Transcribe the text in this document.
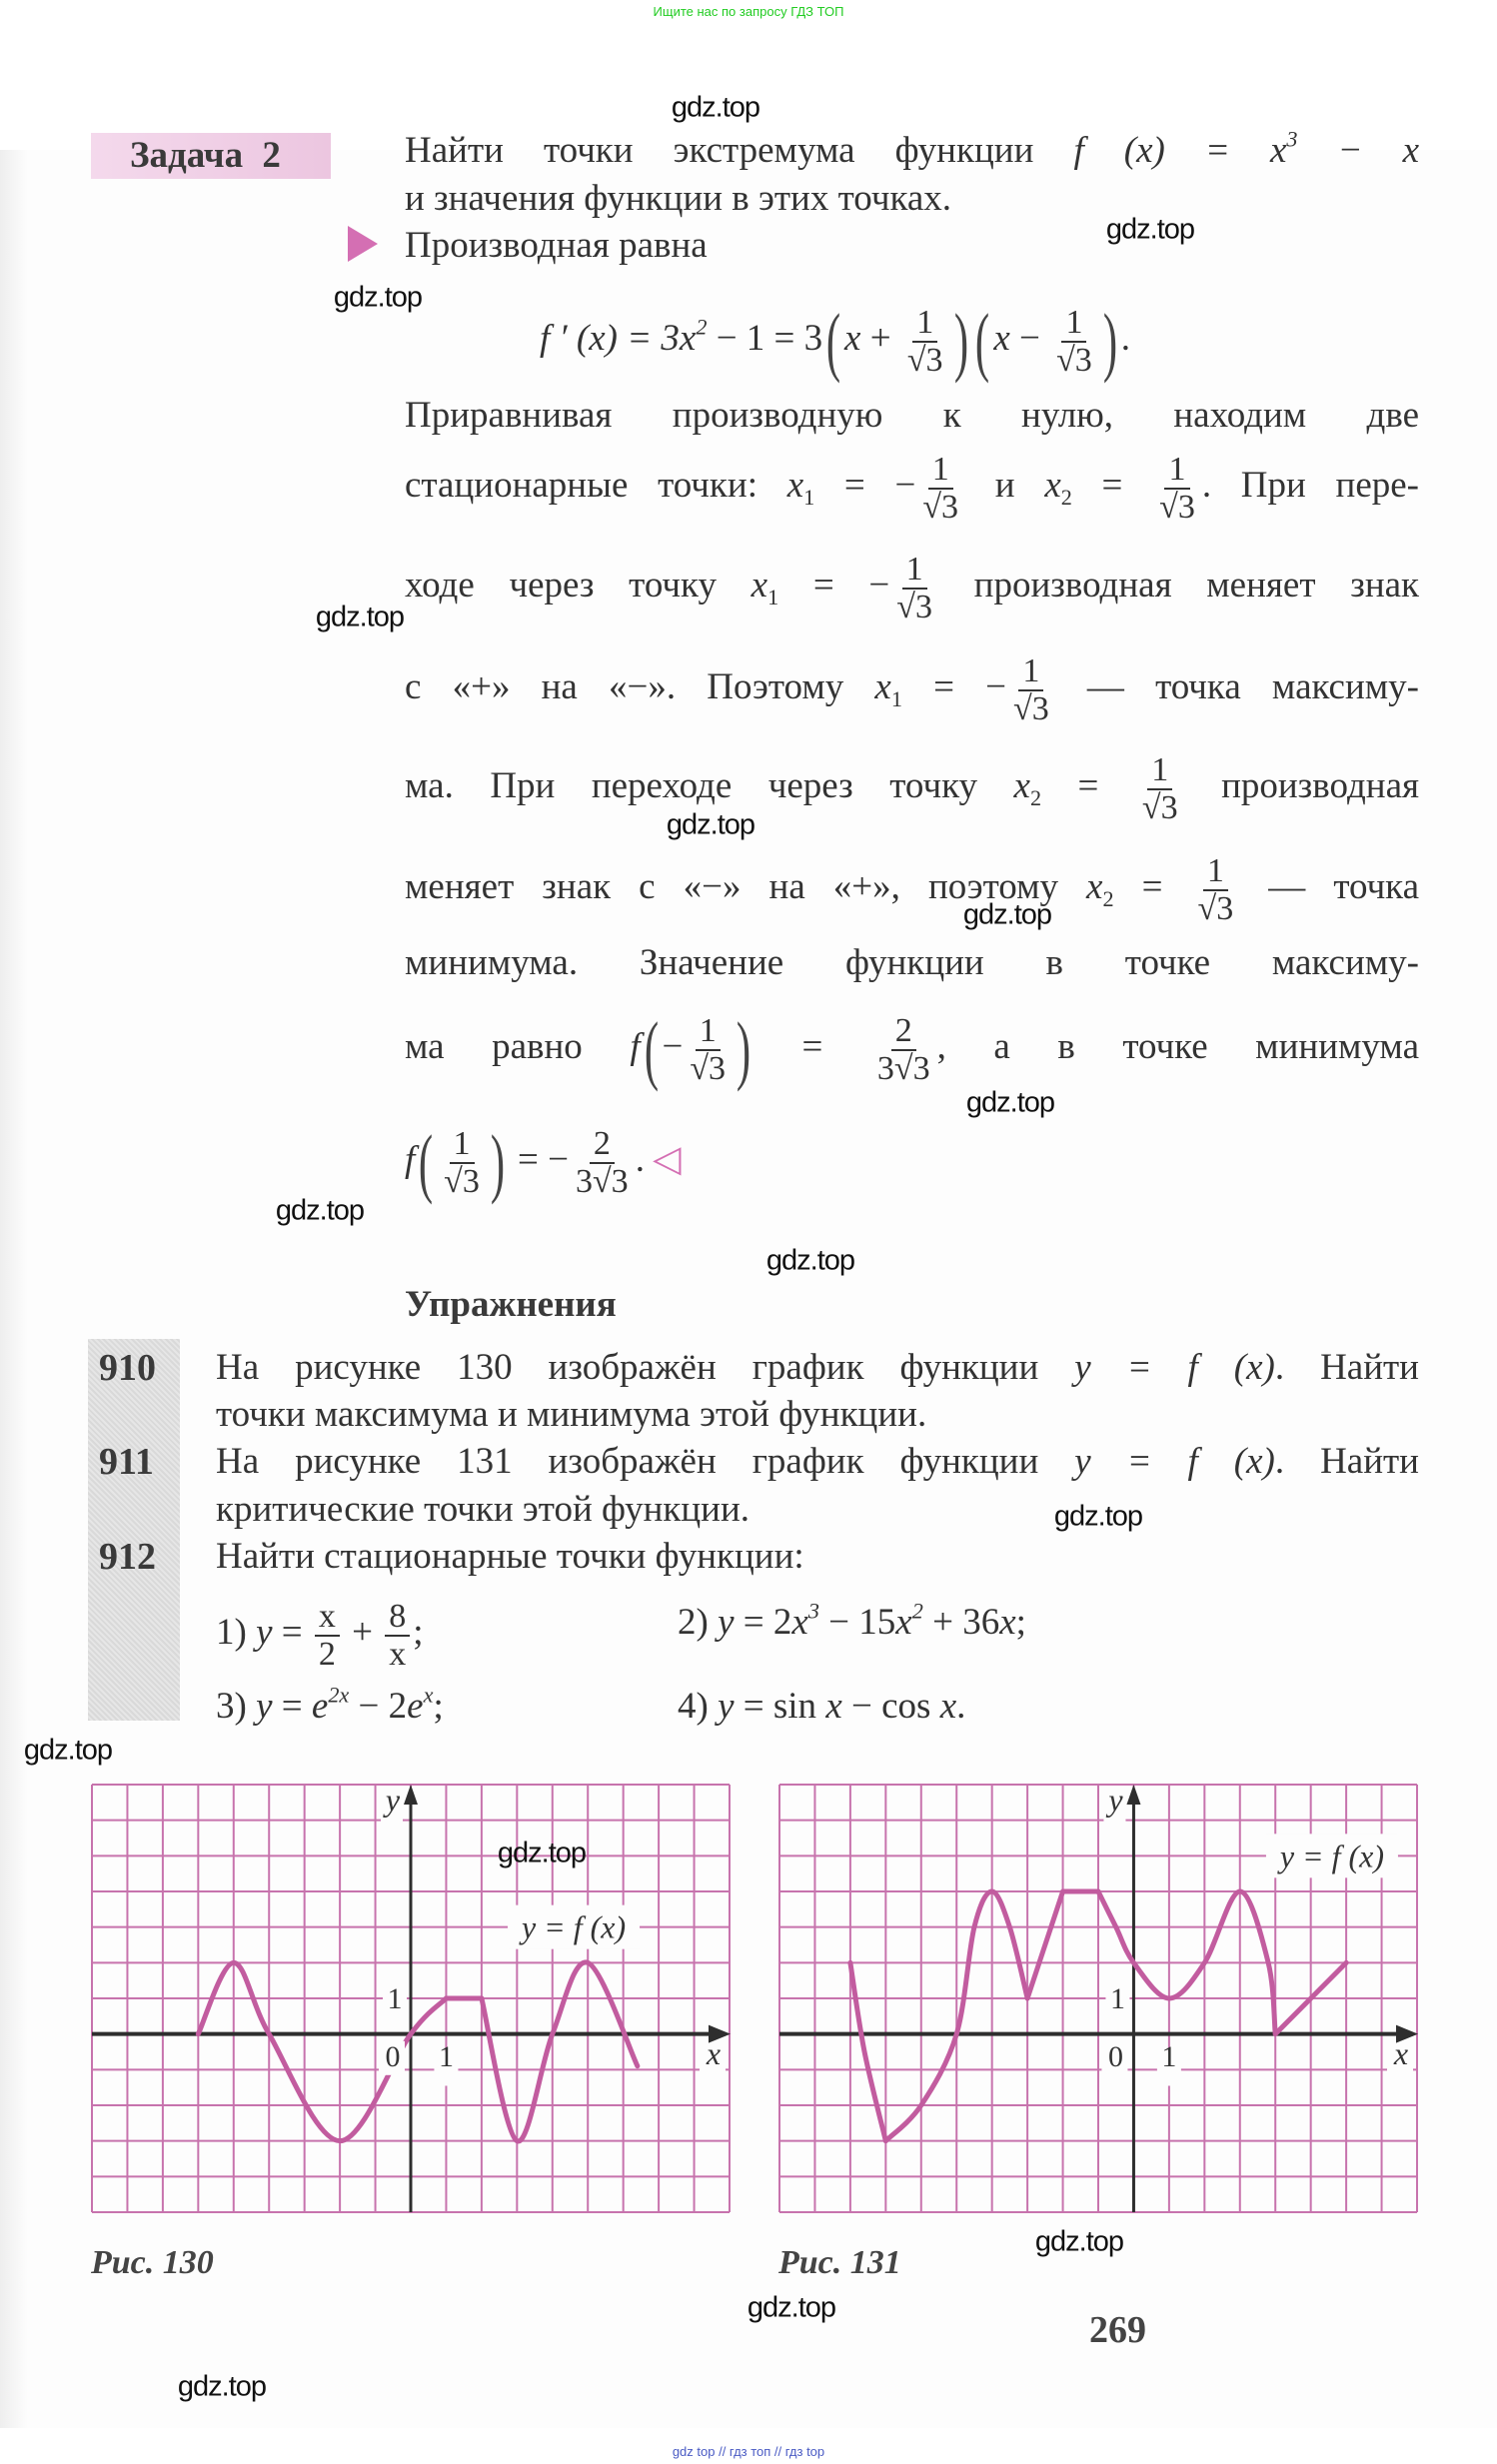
Ищите нас по запросу ГДЗ ТОП
Задача 2	Найти точки экстремума функции f $(x) = x^3 - x$
и значения функции в этих точках.
Производная равна
f ′ $(x) = 3x^2 - 1 = 3$( $x + \frac{1}{√3}$ )( $x - \frac{1}{√3}$ ) .
Приравнивая производную к нулю, находим две
стационарные точки: $x_1$ = − $\frac{1}{√3}$ и $x_2 = \frac{1}{√3}$ . При пере-
ходе через точку $x_1$ = − $\frac{1}{√3}$ производная меняет знак
с «+» на «−». Поэтому $x_1$ = − $\frac{1}{√3}$ — точка максиму-
ма. При переходе через точку $x_2 = \frac{1}{√3}$ производная
меняет знак с «−» на «+», поэтому $x_2 = \frac{1}{√3}$ — точка
минимума. Значение функции в точке максиму-
ма равно $f( - \frac{1}{√3}$ ) = $\frac{2}{3√3}$ , а в точке минимума
$f( \frac{1}{√3}$ ) = − $\frac{2}{3√3}$ . ◁
Упражнения
910 На рисунке 130 изображён график функции y = f (x). Найти
точки максимума и минимума этой функции.
911 На рисунке 131 изображён график функции y = f (x). Найти
критические точки этой функции.
912 Найти стационарные точки функции:
1) $y = \frac{x}{2} + \frac{8}{x}$ ;	2) $y = 2x^3 - 15x^2 + 36x$;
3) $y = e^{2x} - 2e^x$;	4) y = sin x − cos x.
0 1
1
y
x
y = f (x)
0 1
1
y
x
y = f (x)
Рис. 130	Рис. 131
269
gdz.top
gdz.top
gdz.top
gdz.top
gdz.top
gdz.top
gdz.top
gdz.top
gdz.top
gdz.top
gdz.top
gdz.top
gdz.top
gdz.top
gdz.top
gdz top // гдз топ // гдз top
